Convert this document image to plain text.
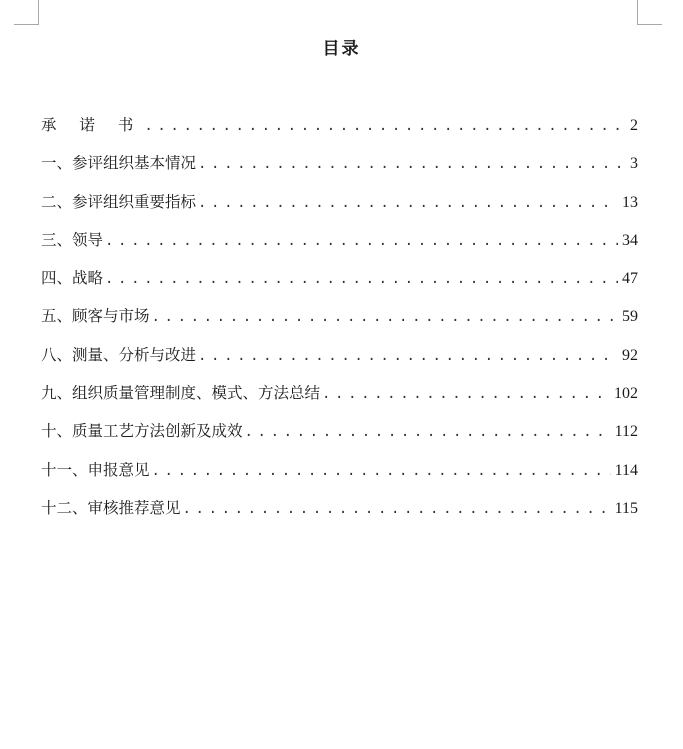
目录
承 诺 书 .....	2
一、参评组织基本情况 .....	3
二、参评组织重要指标 .....	13
三、领导 .....	34
四、战略 .....	47
五、顾客与市场 .....	59
八、测量、分析与改进 .....	92
九、组织质量管理制度、模式、方法总结 .....	102
十、质量工艺方法创新及成效 .....	112
十一、申报意见 .....	114
十二、审核推荐意见 .....	115
